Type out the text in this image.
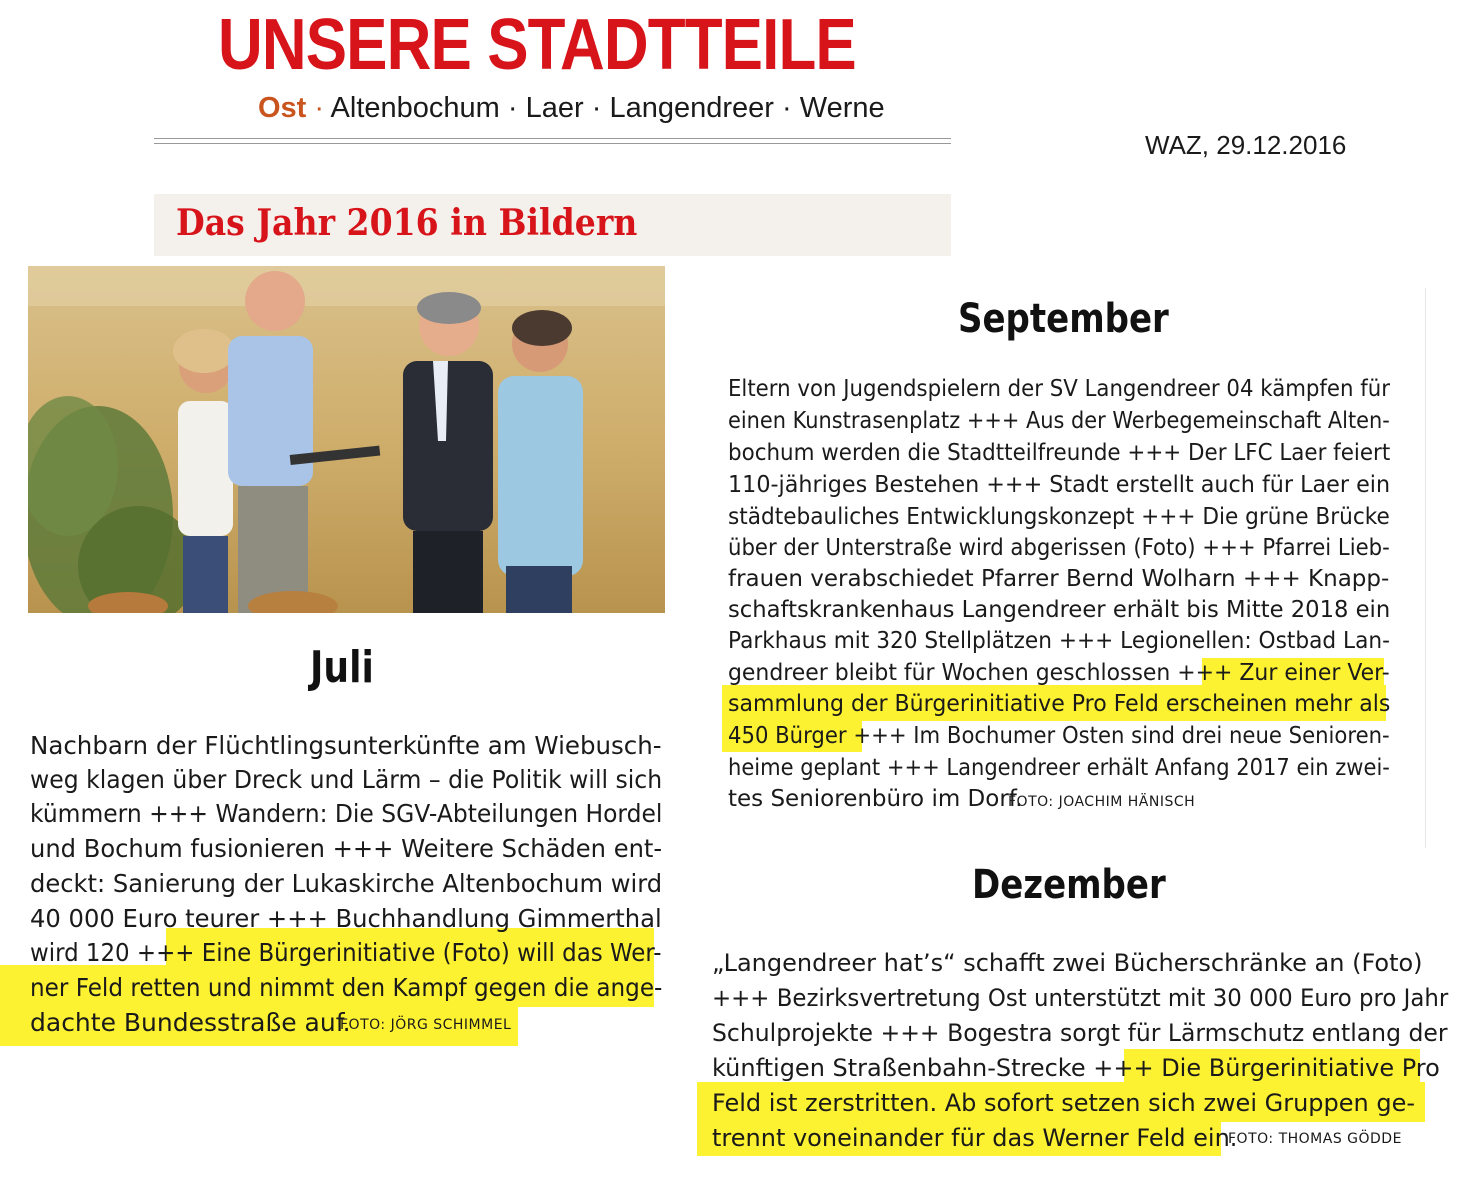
UNSERE STADTTEILE
Ost · Altenbochum · Laer · Langendreer · Werne
WAZ, 29.12.2016
Das Jahr 2016 in Bildern
Juli
Nachbarn der Flüchtlingsunterkünfte am Wiebusch-
weg klagen über Dreck und Lärm – die Politik will sich
kümmern +++ Wandern: Die SGV-Abteilungen Hordel
und Bochum fusionieren +++ Weitere Schäden ent-
deckt: Sanierung der Lukaskirche Altenbochum wird
40 000 Euro teurer +++ Buchhandlung Gimmerthal
wird 120 +++ Eine Bürgerinitiative (Foto) will das Wer-
ner Feld retten und nimmt den Kampf gegen die ange-
dachte Bundesstraße auf.
FOTO: JÖRG SCHIMMEL
September
Eltern von Jugendspielern der SV Langendreer 04 kämpfen für
einen Kunstrasenplatz +++ Aus der Werbegemeinschaft Alten-
bochum werden die Stadtteilfreunde +++ Der LFC Laer feiert
110-jähriges Bestehen +++ Stadt erstellt auch für Laer ein
städtebauliches Entwicklungskonzept +++ Die grüne Brücke
über der Unterstraße wird abgerissen (Foto) +++ Pfarrei Lieb-
frauen verabschiedet Pfarrer Bernd Wolharn +++ Knapp-
schaftskrankenhaus Langendreer erhält bis Mitte 2018 ein
Parkhaus mit 320 Stellplätzen +++ Legionellen: Ostbad Lan-
gendreer bleibt für Wochen geschlossen +++ Zur einer Ver-
sammlung der Bürgerinitiative Pro Feld erscheinen mehr als
450 Bürger +++ Im Bochumer Osten sind drei neue Senioren-
heime geplant +++ Langendreer erhält Anfang 2017 ein zwei-
tes Seniorenbüro im Dorf.
FOTO: JOACHIM HÄNISCH
Dezember
„Langendreer hat’s“ schafft zwei Bücherschränke an (Foto)
+++ Bezirksvertretung Ost unterstützt mit 30 000 Euro pro Jahr
Schulprojekte +++ Bogestra sorgt für Lärmschutz entlang der
künftigen Straßenbahn-Strecke +++ Die Bürgerinitiative Pro
Feld ist zerstritten. Ab sofort setzen sich zwei Gruppen ge-
trennt voneinander für das Werner Feld ein.
FOTO: THOMAS GÖDDE
